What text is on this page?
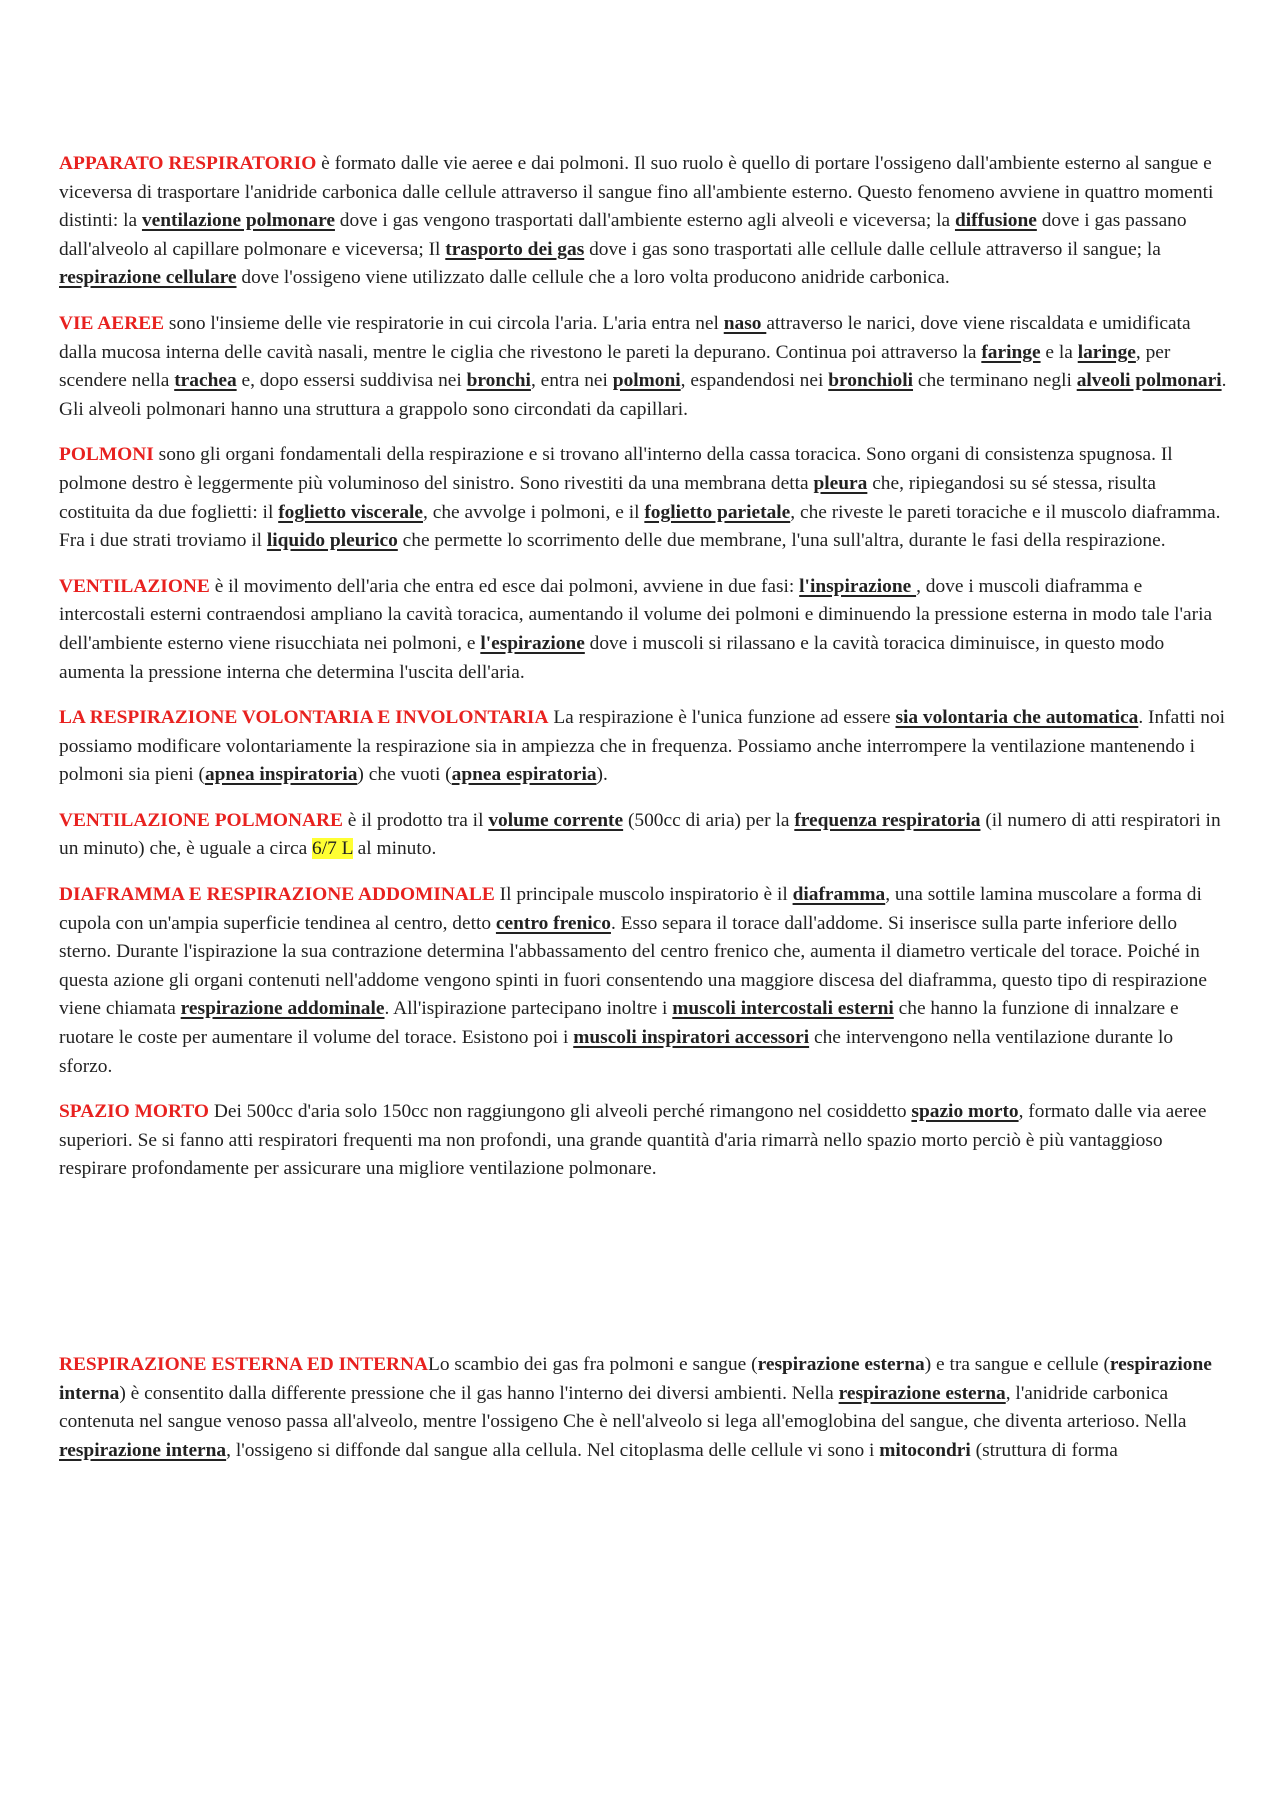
APPARATO RESPIRATORIO è formato dalle vie aeree e dai polmoni. Il suo ruolo è quello di portare l'ossigeno dall'ambiente esterno al sangue e viceversa di trasportare l'anidride carbonica dalle cellule attraverso il sangue fino all'ambiente esterno. Questo fenomeno avviene in quattro momenti distinti: la ventilazione polmonare dove i gas vengono trasportati dall'ambiente esterno agli alveoli e viceversa; la diffusione dove i gas passano dall'alveolo al capillare polmonare e viceversa; Il trasporto dei gas dove i gas sono trasportati alle cellule dalle cellule attraverso il sangue; la respirazione cellulare dove l'ossigeno viene utilizzato dalle cellule che a loro volta producono anidride carbonica.

VIE AEREE sono l'insieme delle vie respiratorie in cui circola l'aria. L'aria entra nel naso attraverso le narici, dove viene riscaldata e umidificata dalla mucosa interna delle cavità nasali, mentre le ciglia che rivestono le pareti la depurano. Continua poi attraverso la faringe e la laringe, per scendere nella trachea e, dopo essersi suddivisa nei bronchi, entra nei polmoni, espandendosi nei bronchioli che terminano negli alveoli polmonari. Gli alveoli polmonari hanno una struttura a grappolo sono circondati da capillari.

POLMONI sono gli organi fondamentali della respirazione e si trovano all'interno della cassa toracica. Sono organi di consistenza spugnosa. Il polmone destro è leggermente più voluminoso del sinistro. Sono rivestiti da una membrana detta pleura che, ripiegandosi su sé stessa, risulta costituita da due foglietti: il foglietto viscerale, che avvolge i polmoni, e il foglietto parietale, che riveste le pareti toraciche e il muscolo diaframma. Fra i due strati troviamo il liquido pleurico che permette lo scorrimento delle due membrane, l'una sull'altra, durante le fasi della respirazione.

VENTILAZIONE è il movimento dell'aria che entra ed esce dai polmoni, avviene in due fasi: l'inspirazione , dove i muscoli diaframma e intercostali esterni contraendosi ampliano la cavità toracica, aumentando il volume dei polmoni e diminuendo la pressione esterna in modo tale l'aria dell'ambiente esterno viene risucchiata nei polmoni, e l'espirazione dove i muscoli si rilassano e la cavità toracica diminuisce, in questo modo aumenta la pressione interna che determina l'uscita dell'aria.

LA RESPIRAZIONE VOLONTARIA E INVOLONTARIA La respirazione è l'unica funzione ad essere sia volontaria che automatica. Infatti noi possiamo modificare volontariamente la respirazione sia in ampiezza che in frequenza. Possiamo anche interrompere la ventilazione mantenendo i polmoni sia pieni (apnea inspiratoria) che vuoti (apnea espiratoria).

VENTILAZIONE POLMONARE è il prodotto tra il volume corrente (500cc di aria) per la frequenza respiratoria (il numero di atti respiratori in un minuto) che, è uguale a circa 6/7 L al minuto.

DIAFRAMMA E RESPIRAZIONE ADDOMINALE Il principale muscolo inspiratorio è il diaframma, una sottile lamina muscolare a forma di cupola con un'ampia superficie tendinea al centro, detto centro frenico. Esso separa il torace dall'addome. Si inserisce sulla parte inferiore dello sterno. Durante l'ispirazione la sua contrazione determina l'abbassamento del centro frenico che, aumenta il diametro verticale del torace. Poiché in questa azione gli organi contenuti nell'addome vengono spinti in fuori consentendo una maggiore discesa del diaframma, questo tipo di respirazione viene chiamata respirazione addominale. All'ispirazione partecipano inoltre i muscoli intercostali esterni che hanno la funzione di innalzare e ruotare le coste per aumentare il volume del torace. Esistono poi i muscoli inspiratori accessori che intervengono nella ventilazione durante lo sforzo.

SPAZIO MORTO Dei 500cc d'aria solo 150cc non raggiungono gli alveoli perché rimangono nel cosiddetto spazio morto, formato dalle via aeree superiori. Se si fanno atti respiratori frequenti ma non profondi, una grande quantità d'aria rimarrà nello spazio morto perciò è più vantaggioso respirare profondamente per assicurare una migliore ventilazione polmonare.

RESPIRAZIONE ESTERNA ED INTERNALo scambio dei gas fra polmoni e sangue (respirazione esterna) e tra sangue e cellule (respirazione interna) è consentito dalla differente pressione che il gas hanno l'interno dei diversi ambienti. Nella respirazione esterna, l'anidride carbonica contenuta nel sangue venoso passa all'alveolo, mentre l'ossigeno Che è nell'alveolo si lega all'emoglobina del sangue, che diventa arterioso. Nella respirazione interna, l'ossigeno si diffonde dal sangue alla cellula. Nel citoplasma delle cellule vi sono i mitocondri (struttura di forma
